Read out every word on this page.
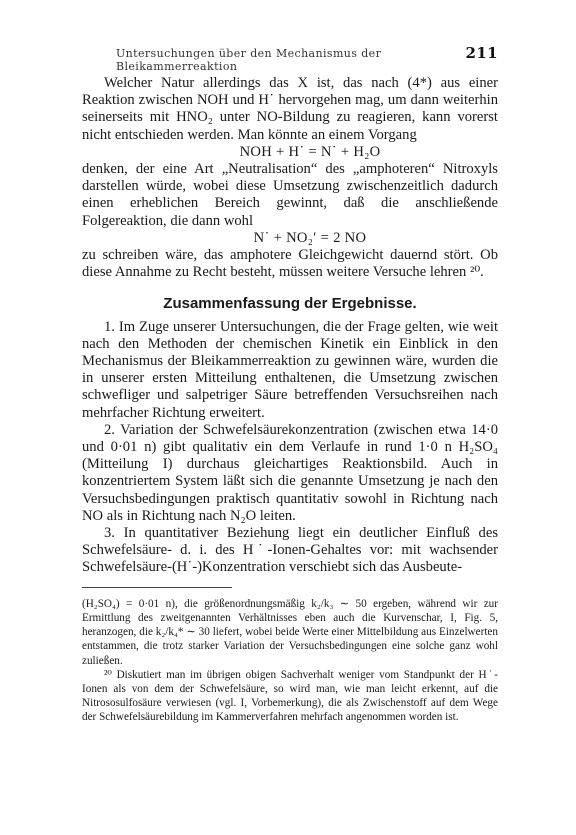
Untersuchungen über den Mechanismus der Bleikammerreaktion
211

Welcher Natur allerdings das X ist, das nach (4*) aus einer Reaktion zwischen NOH und H˙ hervorgehen mag, um dann weiterhin seinerseits mit HNO₂ unter NO-Bildung zu reagieren, kann vorerst nicht entschieden werden. Man könnte an einem Vorgang

NOH + H˙ = N˙ + H₂O

denken, der eine Art „Neutralisation“ des „amphoteren“ Nitroxyls darstellen würde, wobei diese Umsetzung zwischenzeitlich dadurch einen erheblichen Bereich gewinnt, daß die anschließende Folgereaktion, die dann wohl

N˙ + NO₂′ = 2 NO

zu schreiben wäre, das amphotere Gleichgewicht dauernd stört. Ob diese Annahme zu Recht besteht, müssen weitere Versuche lehren ²⁰.

Zusammenfassung der Ergebnisse.

1. Im Zuge unserer Untersuchungen, die der Frage gelten, wie weit nach den Methoden der chemischen Kinetik ein Einblick in den Mechanismus der Bleikammerreaktion zu gewinnen wäre, wurden die in unserer ersten Mitteilung enthaltenen, die Umsetzung zwischen schwefliger und salpetriger Säure betreffenden Versuchsreihen nach mehrfacher Richtung erweitert.

2. Variation der Schwefelsäurekonzentration (zwischen etwa 14·0 und 0·01 n) gibt qualitativ ein dem Verlaufe in rund 1·0 n H₂SO₄ (Mitteilung I) durchaus gleichartiges Reaktionsbild. Auch in konzentriertem System läßt sich die genannte Umsetzung je nach den Versuchsbedingungen praktisch quantitativ sowohl in Richtung nach NO als in Richtung nach N₂O leiten.

3. In quantitativer Beziehung liegt ein deutlicher Einfluß des Schwefelsäure- d. i. des H˙-Ionen-Gehaltes vor: mit wachsender Schwefelsäure-(H˙-)Konzentration verschiebt sich das Ausbeute-

(H₂SO₄) = 0·01 n), die größenordnungsmäßig k₂/k₃ ∼ 50 ergeben, während wir zur Ermittlung des zweitgenannten Verhältnisses eben auch die Kurvenschar, I, Fig. 5, heranzogen, die k₂/k₄* ∼ 30 liefert, wobei beide Werte einer Mittelbildung aus Einzelwerten entstammen, die trotz starker Variation der Versuchsbedingungen eine solche ganz wohl zuließen.

²⁰ Diskutiert man im übrigen obigen Sachverhalt weniger vom Standpunkt der H˙-Ionen als von dem der Schwefelsäure, so wird man, wie man leicht erkennt, auf die Nitrososulfosäure verwiesen (vgl. I, Vorbemerkung), die als Zwischenstoff auf dem Wege der Schwefelsäurebildung im Kammerverfahren mehrfach angenommen worden ist.
